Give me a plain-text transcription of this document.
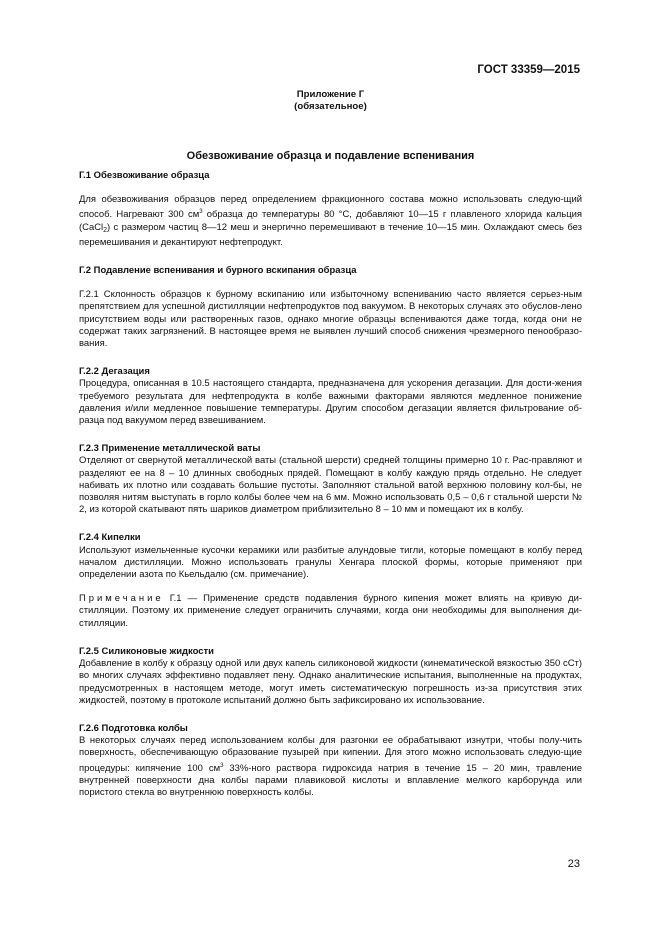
ГОСТ 33359—2015
Приложение Г
(обязательное)
Обезвоживание образца и подавление вспенивания

Г.1 Обезвоживание образца

Для обезвоживания образцов перед определением фракционного состава можно использовать следую-щий способ. Нагревают 300 $см^3$ образца до температуры 80 °С, добавляют 10—15 г плавленого хлорида кальция (CaCl$_2$) с размером частиц 8—12 меш и энергично перемешивают в течение 10—15 мин. Охлаждают смесь без перемешивания и декантируют нефтепродукт.

Г.2 Подавление вспенивания и бурного вскипания образца

Г.2.1 Склонность образцов к бурному вскипанию или избыточному вспениванию часто является серьез-ным препятствием для успешной дистилляции нефтепродуктов под вакуумом. В некоторых случаях это обуслов-лено присутствием воды или растворенных газов, однако многие образцы вспениваются даже тогда, когда они не содержат таких загрязнений. В настоящее время не выявлен лучший способ снижения чрезмерного пенообразо-вания.

Г.2.2 Дегазация

Процедура, описанная в 10.5 настоящего стандарта, предназначена для ускорения дегазации. Для дости-жения требуемого результата для нефтепродукта в колбе важными факторами являются медленное понижение давления и/или медленное повышение температуры. Другим способом дегазации является фильтрование об-разца под вакуумом перед взвешиванием.

Г.2.3 Применение металлической ваты

Отделяют от свернутой металлической ваты (стальной шерсти) средней толщины примерно 10 г. Рас-правляют и разделяют ее на 8 – 10 длинных свободных прядей. Помещают в колбу каждую прядь отдельно. Не следует набивать их плотно или создавать большие пустоты. Заполняют стальной ватой верхнюю половину кол-бы, не позволяя нитям выступать в горло колбы более чем на 6 мм. Можно использовать 0,5 – 0,6 г стальной шерсти № 2, из которой скатывают пять шариков диаметром приблизительно 8 – 10 мм и помещают их в колбу.

Г.2.4 Кипелки

Используют измельченные кусочки керамики или разбитые алундовые тигли, которые помещают в колбу перед началом дистилляции. Можно использовать гранулы Хенгара плоской формы, которые применяют при определении азота по Кьельдалю (см. примечание).

Примечание Г.1 — Применение средств подавления бурного кипения может влиять на кривую ди-стилляции. Поэтому их применение следует ограничить случаями, когда они необходимы для выполнения ди-стилляции.

Г.2.5 Силиконовые жидкости

Добавление в колбу к образцу одной или двух капель силиконовой жидкости (кинематической вязкостью 350 сСт) во многих случаях эффективно подавляет пену. Однако аналитические испытания, выполненные на продуктах, предусмотренных в настоящем методе, могут иметь систематическую погрешность из-за присутствия этих жидкостей, поэтому в протоколе испытаний должно быть зафиксировано их использование.

Г.2.6 Подготовка колбы

В некоторых случаях перед использованием колбы для разгонки ее обрабатывают изнутри, чтобы полу-чить поверхность, обеспечивающую образование пузырей при кипении. Для этого можно использовать следую-щие процедуры: кипячение 100 $см^3$ 33%-ного раствора гидроксида натрия в течение 15 – 20 мин, травление внутренней поверхности дна колбы парами плавиковой кислоты и вплавление мелкого карборунда или пористого стекла во внутреннюю поверхность колбы.

23
